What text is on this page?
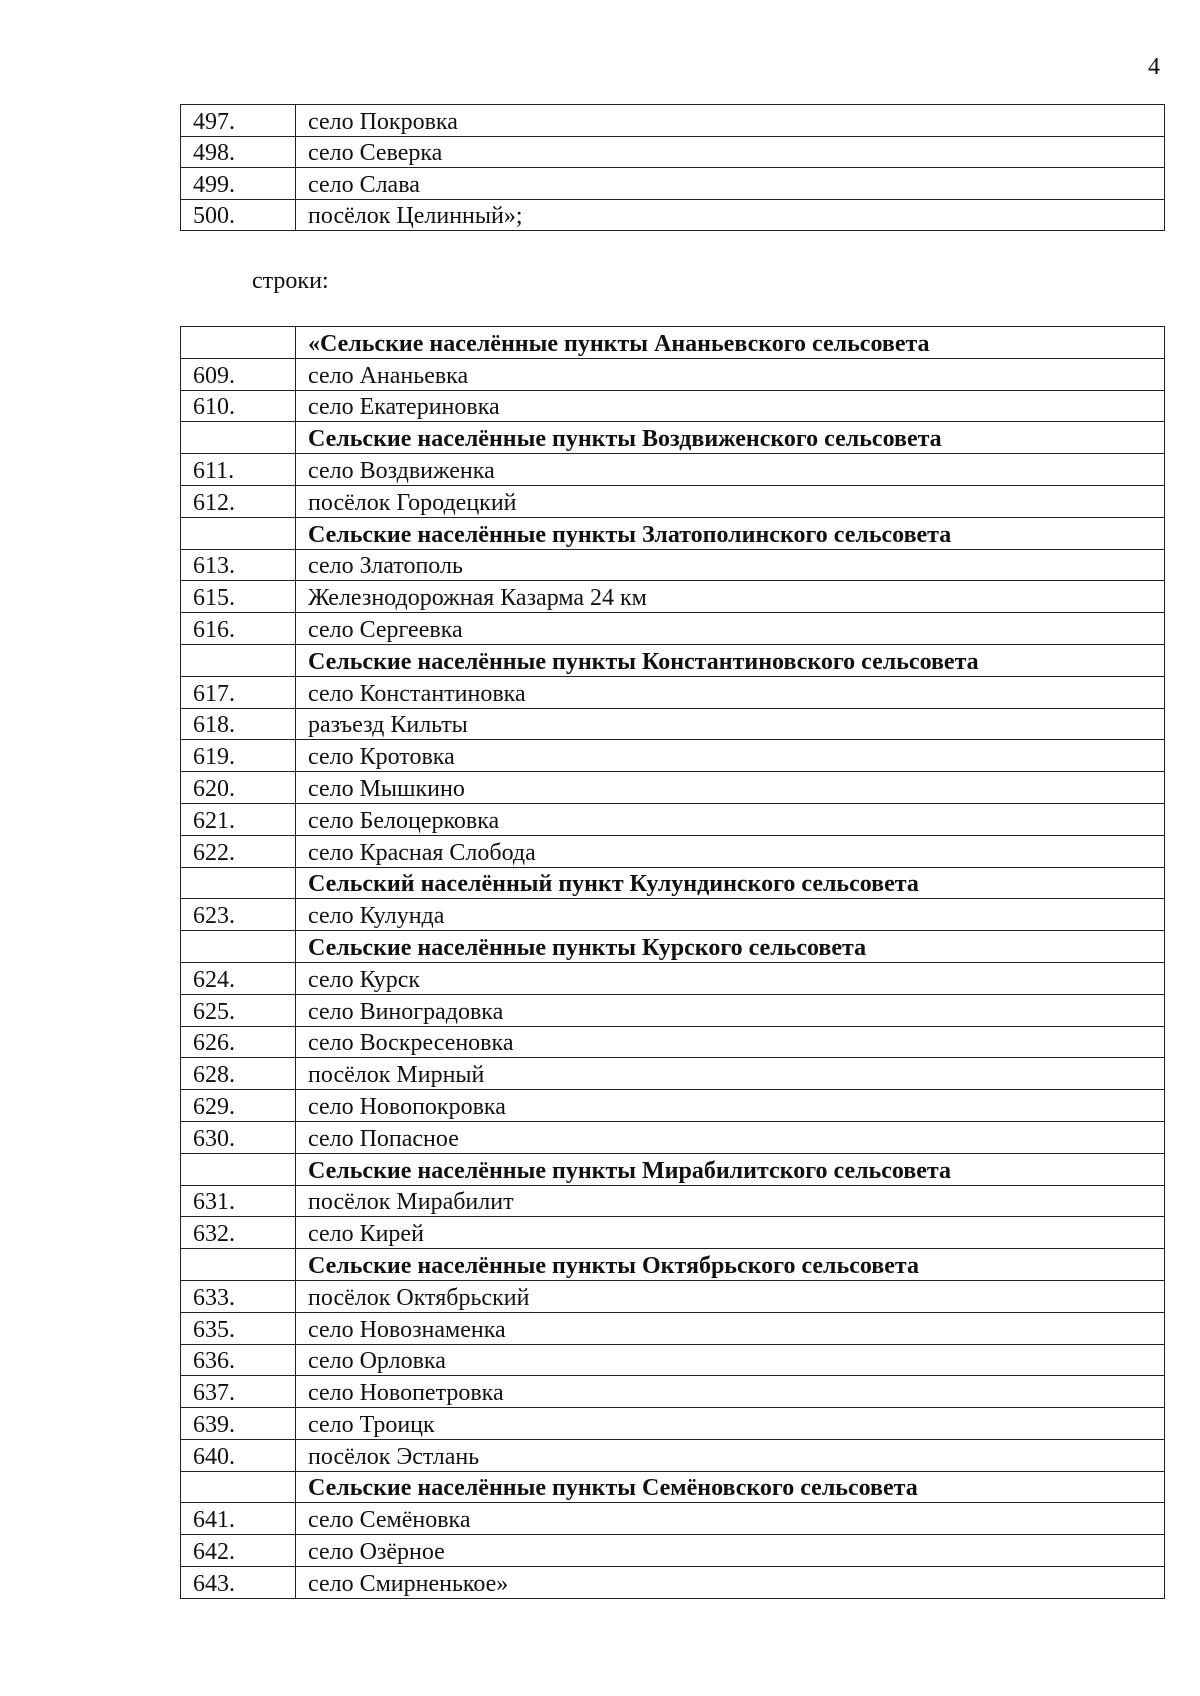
4
497.	село Покровка
498.	село Северка
499.	село Слава
500.	посёлок Целинный»;
строки:
	«Сельские населённые пункты Ананьевского сельсовета
609.	село Ананьевка
610.	село Екатериновка
	Сельские населённые пункты Воздвиженского сельсовета
611.	село Воздвиженка
612.	посёлок Городецкий
	Сельские населённые пункты Златополинского сельсовета
613.	село Златополь
615.	Железнодорожная Казарма 24 км
616.	село Сергеевка
	Сельские населённые пункты Константиновского сельсовета
617.	село Константиновка
618.	разъезд Кильты
619.	село Кротовка
620.	село Мышкино
621.	село Белоцерковка
622.	село Красная Слобода
	Сельский населённый пункт Кулундинского сельсовета
623.	село Кулунда
	Сельские населённые пункты Курского сельсовета
624.	село Курск
625.	село Виноградовка
626.	село Воскресеновка
628.	посёлок Мирный
629.	село Новопокровка
630.	село Попасное
	Сельские населённые пункты Мирабилитского сельсовета
631.	посёлок Мирабилит
632.	село Кирей
	Сельские населённые пункты Октябрьского сельсовета
633.	посёлок Октябрьский
635.	село Новознаменка
636.	село Орловка
637.	село Новопетровка
639.	село Троицк
640.	посёлок Эстлань
	Сельские населённые пункты Семёновского сельсовета
641.	село Семёновка
642.	село Озёрное
643.	село Смирненькое»
